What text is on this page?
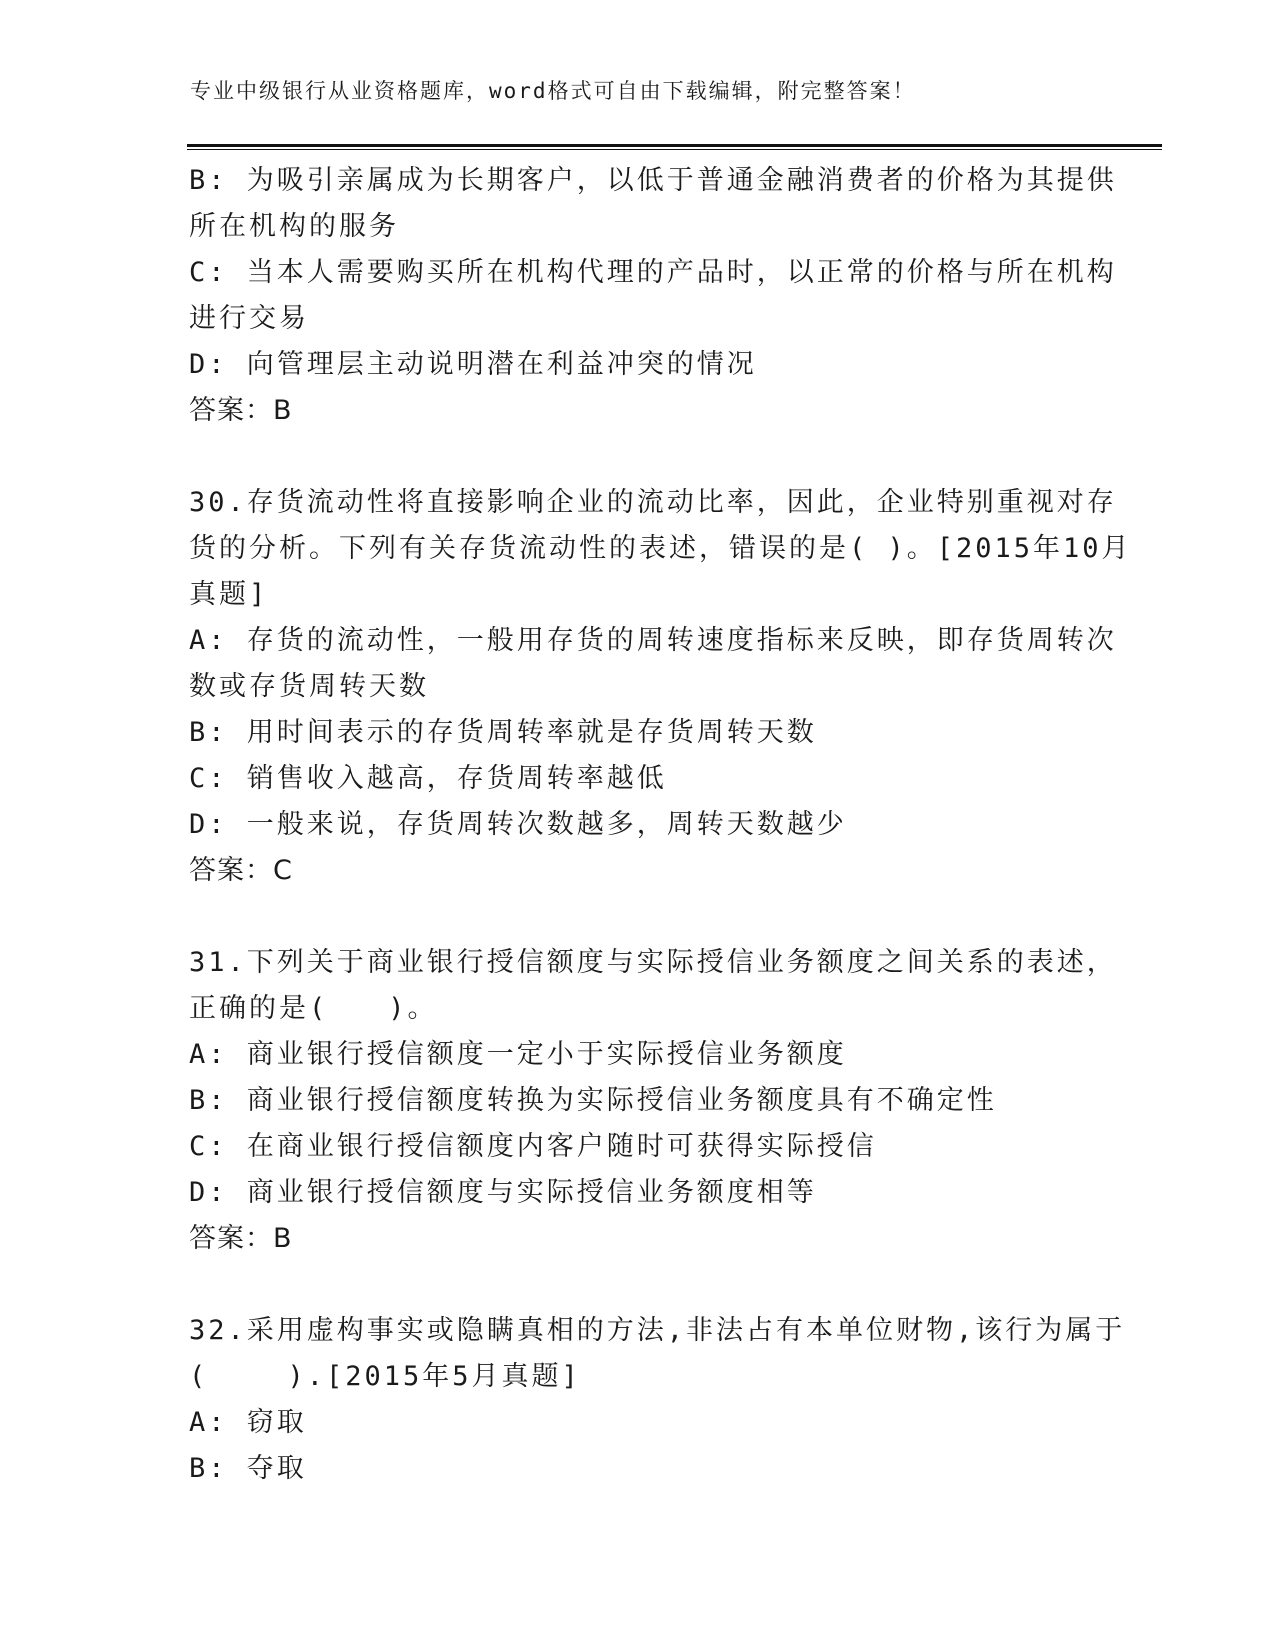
专业中级银行从业资格题库，word格式可自由下载编辑，附完整答案！
B: 为吸引亲属成为长期客户，以低于普通金融消费者的价格为其提供
所在机构的服务
C: 当本人需要购买所在机构代理的产品时，以正常的价格与所在机构
进行交易
D: 向管理层主动说明潜在利益冲突的情况
答案：B
30.存货流动性将直接影响企业的流动比率，因此，企业特别重视对存
货的分析。下列有关存货流动性的表述，错误的是( )。[2015年10月
真题]
A: 存货的流动性，一般用存货的周转速度指标来反映，即存货周转次
数或存货周转天数
B: 用时间表示的存货周转率就是存货周转天数
C: 销售收入越高，存货周转率越低
D: 一般来说，存货周转次数越多，周转天数越少
答案：C
31.下列关于商业银行授信额度与实际授信业务额度之间关系的表述，
正确的是(　　)。
A: 商业银行授信额度一定小于实际授信业务额度
B: 商业银行授信额度转换为实际授信业务额度具有不确定性
C: 在商业银行授信额度内客户随时可获得实际授信
D: 商业银行授信额度与实际授信业务额度相等
答案：B
32.采用虚构事实或隐瞒真相的方法,非法占有本单位财物,该行为属于
(　　 ).[2015年5月真题]
A: 窃取
B: 夺取
